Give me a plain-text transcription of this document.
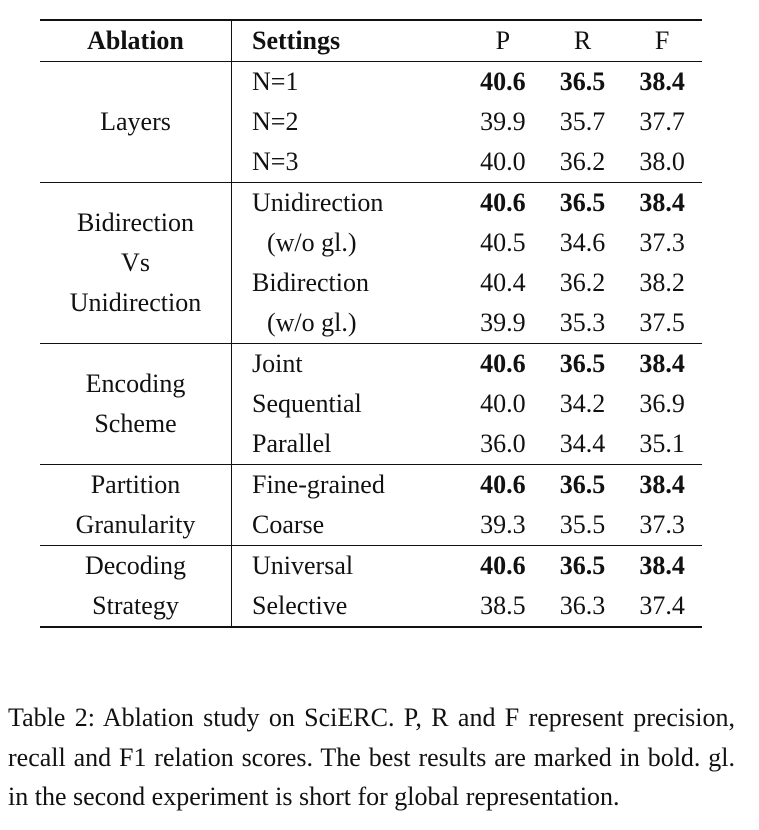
Ablation	Settings	P	R	F

Layers	N=1	40.6	36.5	38.4
	N=2	39.9	35.7	37.7
	N=3	40.0	36.2	38.0

Bidirection
Vs
Unidirection	Unidirection	40.6	36.5	38.4
	(w/o gl.)	40.5	34.6	37.3
	Bidirection	40.4	36.2	38.2
	(w/o gl.)	39.9	35.3	37.5

Encoding
Scheme	Joint	40.6	36.5	38.4
	Sequential	40.0	34.2	36.9
	Parallel	36.0	34.4	35.1

Partition
Granularity	Fine-grained	40.6	36.5	38.4
	Coarse	39.3	35.5	37.3

Decoding
Strategy	Universal	40.6	36.5	38.4
	Selective	38.5	36.3	37.4

Table 2: Ablation study on SciERC. P, R and F represent precision, recall and F1 relation scores. The best results are marked in bold. gl. in the second experiment is short for global representation.
